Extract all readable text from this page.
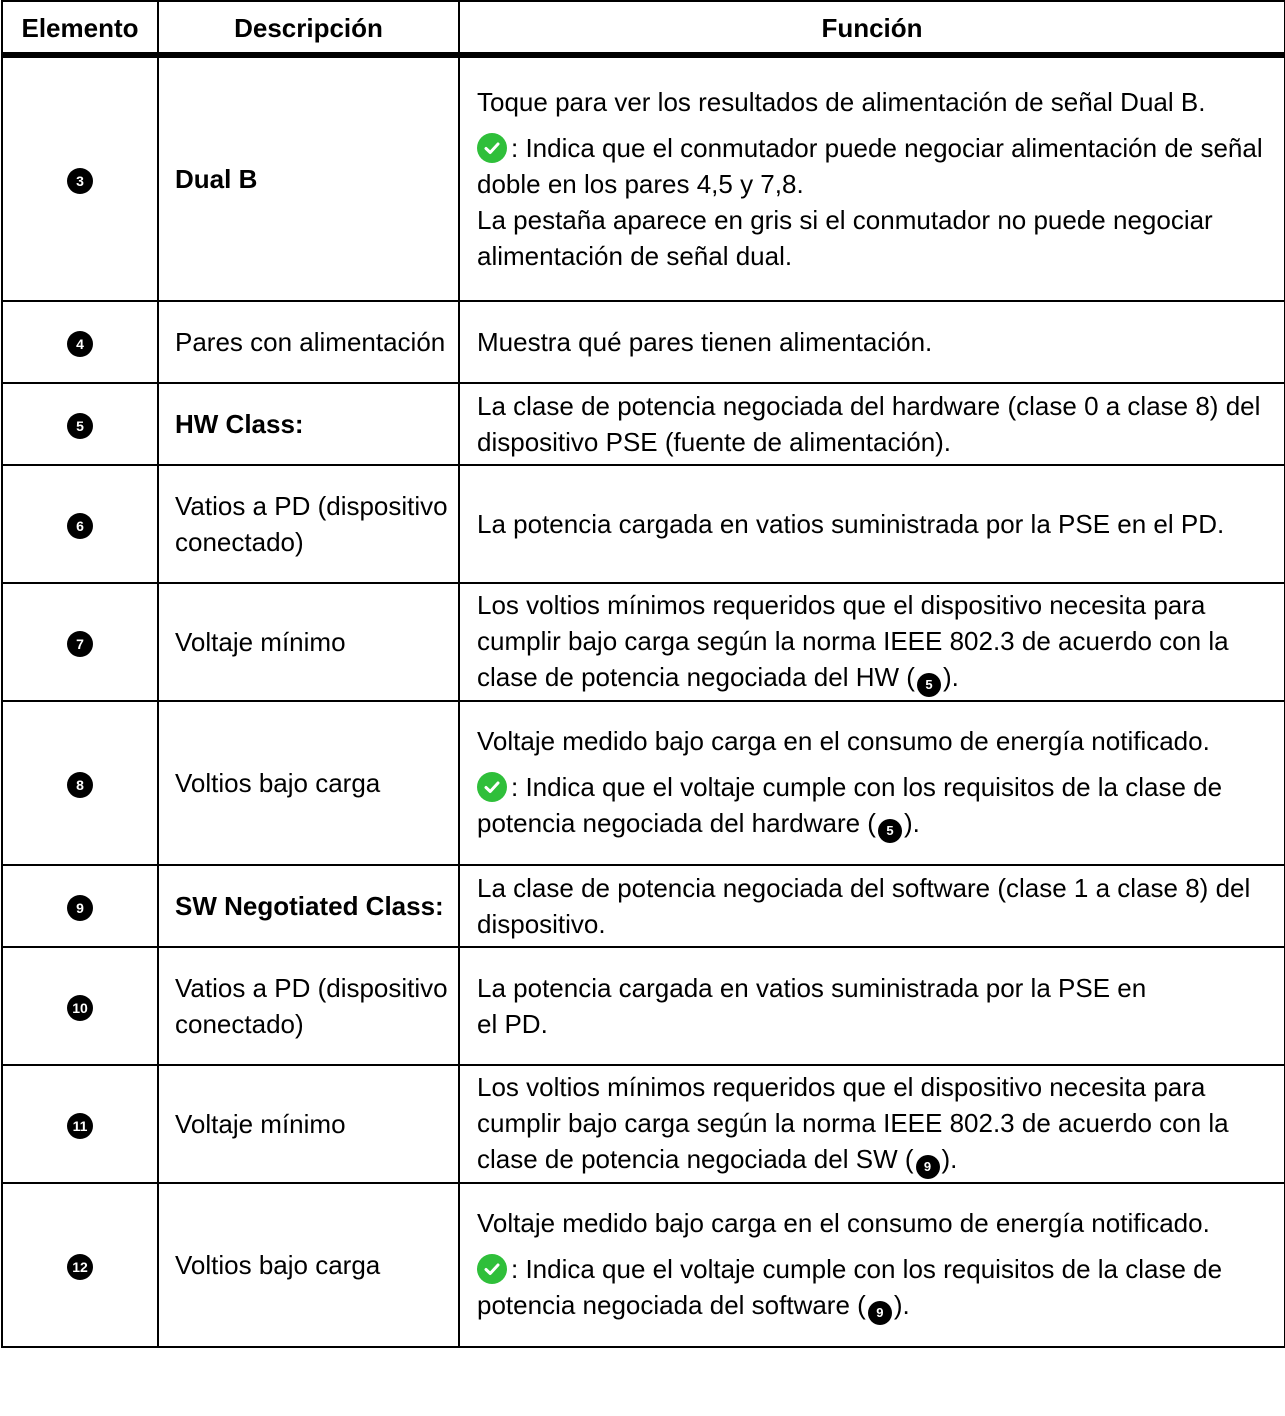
Elemento	Descripción	Función
3	Dual B	Toque para ver los resultados de alimentación de señal Dual B.

: Indica que el conmutador puede negociar alimentación de señal doble en los pares 4,5 y 7,8.

La pestaña aparece en gris si el conmutador no puede negociar alimentación de señal dual.

4	Pares con alimentación	Muestra qué pares tienen alimentación.

5	HW Class:	La clase de potencia negociada del hardware (clase 0 a clase 8) del dispositivo PSE (fuente de alimentación).

6	Vatios a PD (dispositivo conectado)	La potencia cargada en vatios suministrada por la PSE en el PD.

7	Voltaje mínimo	Los voltios mínimos requeridos que el dispositivo necesita para cumplir bajo carga según la norma IEEE 802.3 de acuerdo con la clase de potencia negociada del HW ( 5 ).

8	Voltios bajo carga	Voltaje medido bajo carga en el consumo de energía notificado.

: Indica que el voltaje cumple con los requisitos de la clase de potencia negociada del hardware ( 5 ).

9	SW Negotiated Class:	La clase de potencia negociada del software (clase 1 a clase 8) del dispositivo.

10	Vatios a PD (dispositivo conectado)	La potencia cargada en vatios suministrada por la PSE en el PD.

11	Voltaje mínimo	Los voltios mínimos requeridos que el dispositivo necesita para cumplir bajo carga según la norma IEEE 802.3 de acuerdo con la clase de potencia negociada del SW ( 9 ).

12	Voltios bajo carga	Voltaje medido bajo carga en el consumo de energía notificado.

: Indica que el voltaje cumple con los requisitos de la clase de potencia negociada del software ( 9 ).
